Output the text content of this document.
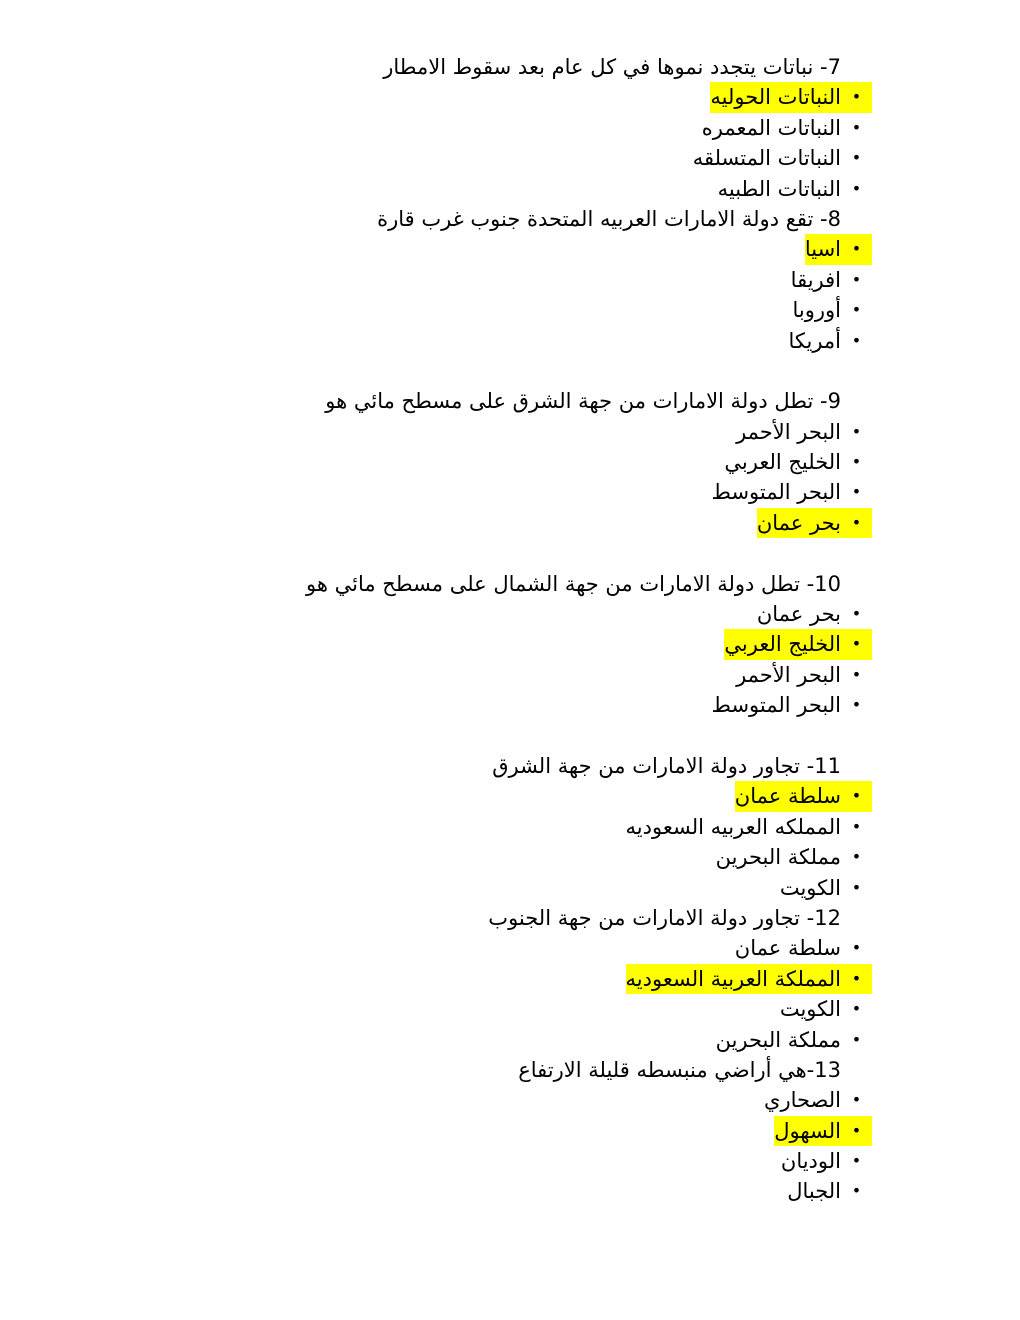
7- نباتات يتجدد نموها في كل عام بعد سقوط الامطار
•
النباتات الحوليه
•
النباتات المعمره
•
النباتات المتسلقه
•
النباتات الطبيه
8- تقع دولة الامارات العربيه المتحدة جنوب غرب قارة
•
اسيا
•
افريقا
•
أوروبا
•
أمريكا
9- تطل دولة الامارات من جهة الشرق على مسطح مائي هو
•
البحر الأحمر
•
الخليج العربي
•
البحر المتوسط
•
بحر عمان
10- تطل دولة الامارات من جهة الشمال على مسطح مائي هو
•
بحر عمان
•
الخليج العربي
•
البحر الأحمر
•
البحر المتوسط
11- تجاور دولة الامارات من جهة الشرق
•
سلطة عمان
•
المملكه العربيه السعوديه
•
مملكة البحرين
•
الكويت
12- تجاور دولة الامارات من جهة الجنوب
•
سلطة عمان
•
المملكة العربية السعوديه
•
الكويت
•
مملكة البحرين
13-هي أراضي منبسطه قليلة الارتفاع
•
الصحاري
•
السهول
•
الوديان
•
الجبال
